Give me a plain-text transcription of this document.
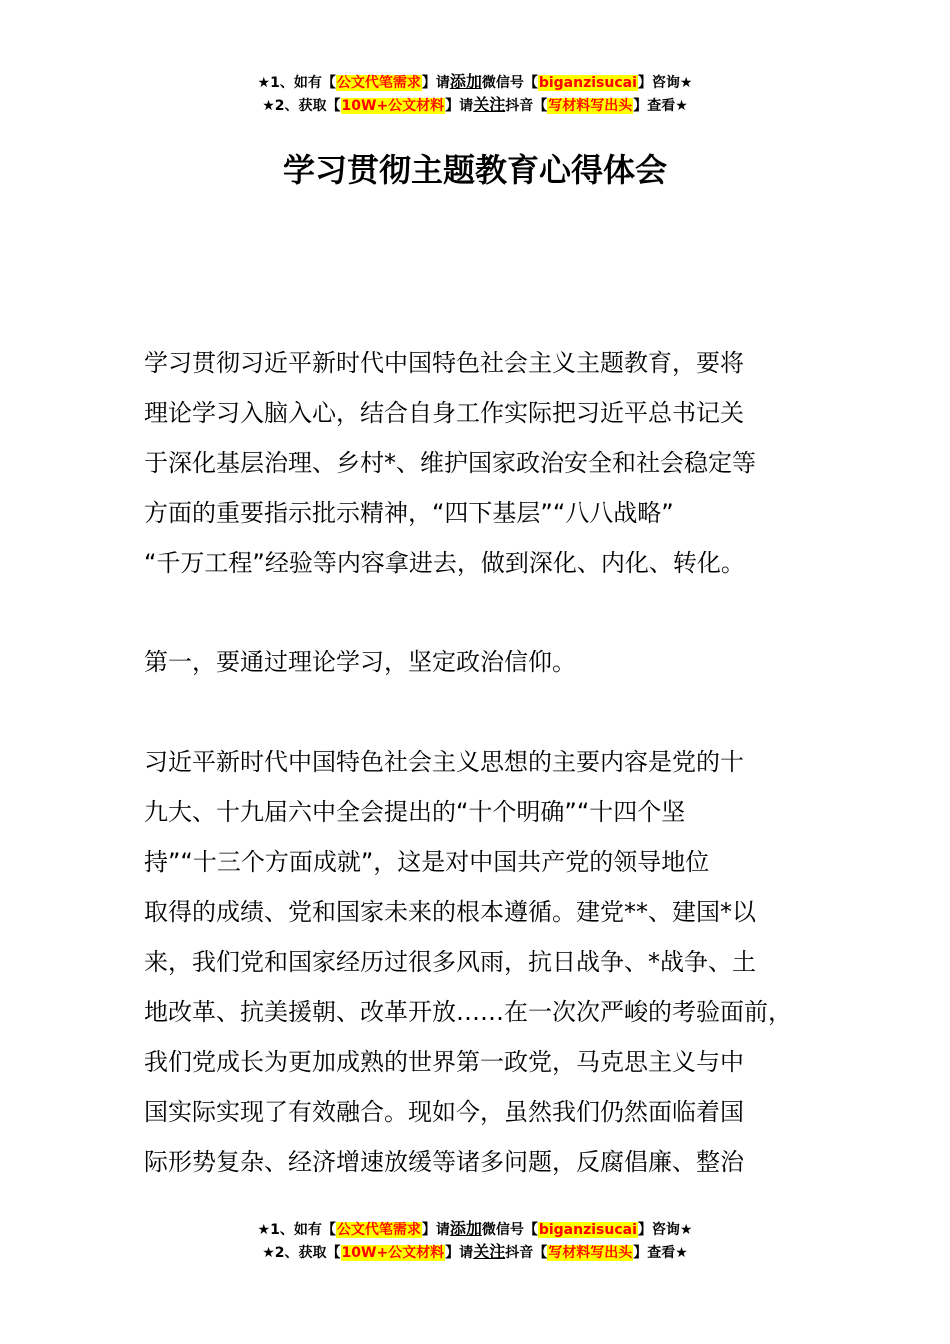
★1、如有【公文代笔需求】请添加微信号【biganzisucai】咨询★
★2、获取【10W+公文材料】请关注抖音【写材料写出头】查看★
学习贯彻主题教育心得体会
学习贯彻习近平新时代中国特色社会主义主题教育，要将
理论学习入脑入心，结合自身工作实际把习近平总书记关
于深化基层治理、乡村*、维护国家政治安全和社会稳定等
方面的重要指示批示精神，“四下基层”“八八战略”
“千万工程”经验等内容拿进去，做到深化、内化、转化。
第一，要通过理论学习，坚定政治信仰。
习近平新时代中国特色社会主义思想的主要内容是党的十
九大、十九届六中全会提出的“十个明确”“十四个坚
持”“十三个方面成就”，这是对中国共产党的领导地位
取得的成绩、党和国家未来的根本遵循。建党**、建国*以
来，我们党和国家经历过很多风雨，抗日战争、*战争、土
地改革、抗美援朝、改革开放……在一次次严峻的考验面前，
我们党成长为更加成熟的世界第一政党，马克思主义与中
国实际实现了有效融合。现如今，虽然我们仍然面临着国
际形势复杂、经济增速放缓等诸多问题，反腐倡廉、整治
★1、如有【公文代笔需求】请添加微信号【biganzisucai】咨询★
★2、获取【10W+公文材料】请关注抖音【写材料写出头】查看★
